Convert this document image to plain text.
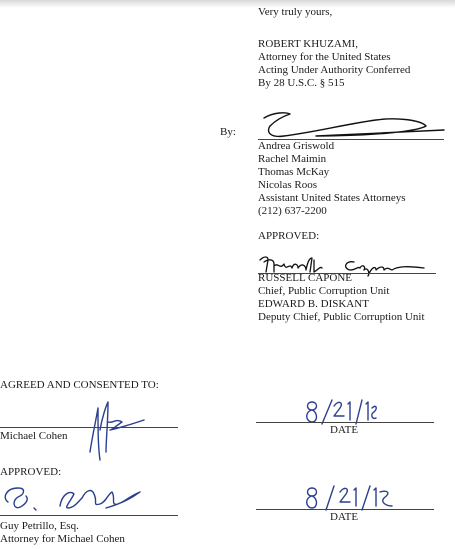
Very truly yours,
ROBERT KHUZAMI,
Attorney for the United States
Acting Under Authority Conferred
By 28 U.S.C. § 515
By:
Andrea Griswold
Rachel Maimin
Thomas McKay
Nicolas Roos
Assistant United States Attorneys
(212) 637-2200
APPROVED:
RUSSELL CAPONE
Chief, Public Corruption Unit
EDWARD B. DISKANT
Deputy Chief, Public Corruption Unit
AGREED AND CONSENTED TO:
Michael Cohen	DATE
APPROVED:
Guy Petrillo, Esq.
Attorney for Michael Cohen
DATE
